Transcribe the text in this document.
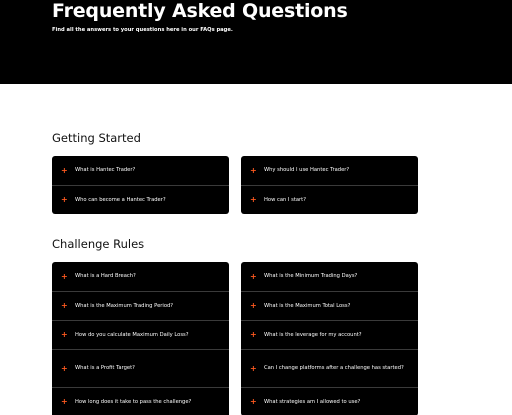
Frequently Asked Questions

Find all the answers to your questions here in our FAQs page.

Getting Started
+	What is Hantec Trader?
+	Who can become a Hantec Trader?
+	Why should I use Hantec Trader?
+	How can I start?
Challenge Rules
+	What is a Hard Breach?
+	What is the Maximum Trading Period?
+	How do you calculate Maximum Daily Loss?
+	What is a Profit Target?
+	How long does it take to pass the challenge?
+	What is the Minimum Trading Days?
+	What is the Maximum Total Loss?
+	What is the leverage for my account?
+	Can I change platforms after a challenge has started?
+	What strategies am I allowed to use?
